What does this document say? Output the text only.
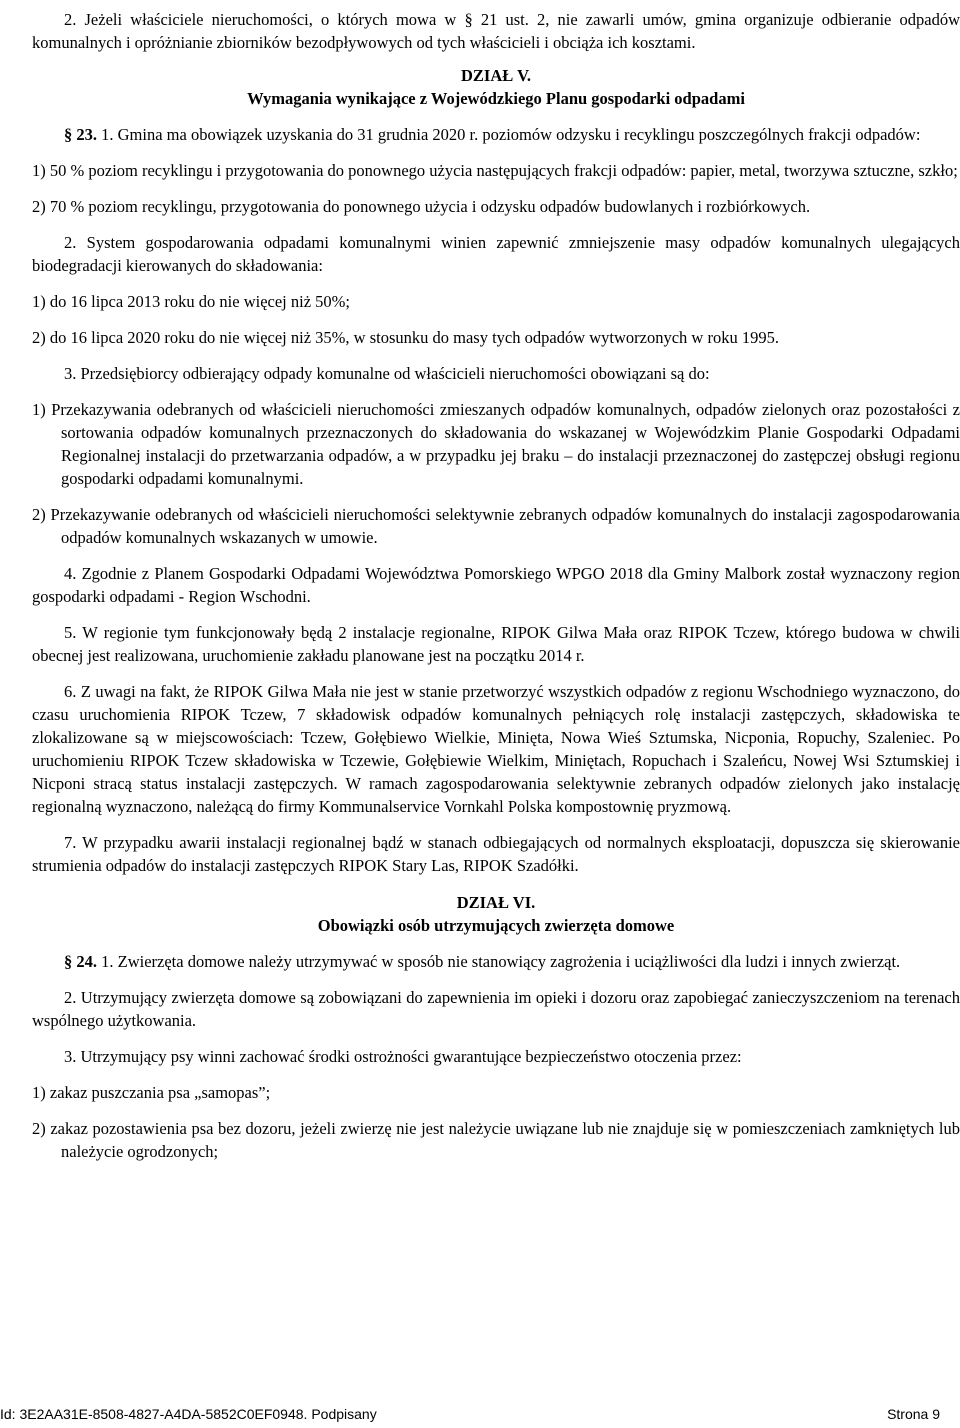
2. Jeżeli właściciele nieruchomości, o których mowa w § 21 ust. 2, nie zawarli umów, gmina organizuje odbieranie odpadów komunalnych i opróżnianie zbiorników bezodpływowych od tych właścicieli i obciąża ich kosztami.

DZIAŁ V.

Wymagania wynikające z Wojewódzkiego Planu gospodarki odpadami

§ 23. 1. Gmina ma obowiązek uzyskania do 31 grudnia 2020 r. poziomów odzysku i recyklingu poszczególnych frakcji odpadów:

1) 50 % poziom recyklingu i przygotowania do ponownego użycia następujących frakcji odpadów: papier, metal, tworzywa sztuczne, szkło;

2) 70 % poziom recyklingu, przygotowania do ponownego użycia i odzysku odpadów budowlanych i rozbiórkowych.

2. System gospodarowania odpadami komunalnymi winien zapewnić zmniejszenie masy odpadów komunalnych ulegających biodegradacji kierowanych do składowania:

1) do 16 lipca 2013 roku do nie więcej niż 50%;

2) do 16 lipca 2020 roku do nie więcej niż 35%, w stosunku do masy tych odpadów wytworzonych w roku 1995.

3. Przedsiębiorcy odbierający odpady komunalne od właścicieli nieruchomości obowiązani są do:

1) Przekazywania odebranych od właścicieli nieruchomości zmieszanych odpadów komunalnych, odpadów zielonych oraz pozostałości z sortowania odpadów komunalnych przeznaczonych do składowania do wskazanej w Wojewódzkim Planie Gospodarki Odpadami Regionalnej instalacji do przetwarzania odpadów, a w przypadku jej braku – do instalacji przeznaczonej do zastępczej obsługi regionu gospodarki odpadami komunalnymi.

2) Przekazywanie odebranych od właścicieli nieruchomości selektywnie zebranych odpadów komunalnych do instalacji zagospodarowania odpadów komunalnych wskazanych w umowie.

4. Zgodnie z Planem Gospodarki Odpadami Województwa Pomorskiego WPGO 2018 dla Gminy Malbork został wyznaczony region gospodarki odpadami - Region Wschodni.

5. W regionie tym funkcjonowały będą 2 instalacje regionalne, RIPOK Gilwa Mała oraz RIPOK Tczew, którego budowa w chwili obecnej jest realizowana, uruchomienie zakładu planowane jest na początku 2014 r.

6. Z uwagi na fakt, że RIPOK Gilwa Mała nie jest w stanie przetworzyć wszystkich odpadów z regionu Wschodniego wyznaczono, do czasu uruchomienia RIPOK Tczew, 7 składowisk odpadów komunalnych pełniących rolę instalacji zastępczych, składowiska te zlokalizowane są w miejscowościach: Tczew, Gołębiewo Wielkie, Miniętа, Nowa Wieś Sztumska, Nicponia, Ropuchy, Szaleniec. Po uruchomieniu RIPOK Tczew składowiska w Tczewie, Gołębiewie Wielkim, Miniętach, Ropuchach i Szaleńcu, Nowej Wsi Sztumskiej i Nicponi stracą status instalacji zastępczych. W ramach zagospodarowania selektywnie zebranych odpadów zielonych jako instalację regionalną wyznaczono, należącą do firmy Kommunalservice Vornkahl Polska kompostownię pryzmową.

7. W przypadku awarii instalacji regionalnej bądź w stanach odbiegających od normalnych eksploatacji, dopuszcza się skierowanie strumienia odpadów do instalacji zastępczych RIPOK Stary Las, RIPOK Szadółki.

DZIAŁ VI.

Obowiązki osób utrzymujących zwierzęta domowe

§ 24. 1. Zwierzęta domowe należy utrzymywać w sposób nie stanowiący zagrożenia i uciążliwości dla ludzi i innych zwierząt.

2. Utrzymujący zwierzęta domowe są zobowiązani do zapewnienia im opieki i dozoru oraz zapobiegać zanieczyszczeniom na terenach wspólnego użytkowania.

3. Utrzymujący psy winni zachować środki ostrożności gwarantujące bezpieczeństwo otoczenia przez:

1) zakaz puszczania psa „samopas”;

2) zakaz pozostawienia psa bez dozoru, jeżeli zwierzę nie jest należycie uwiązane lub nie znajduje się w pomieszczeniach zamkniętych lub należycie ogrodzonych;

Id: 3E2AA31E-8508-4827-A4DA-5852C0EF0948. Podpisany	Strona 9
